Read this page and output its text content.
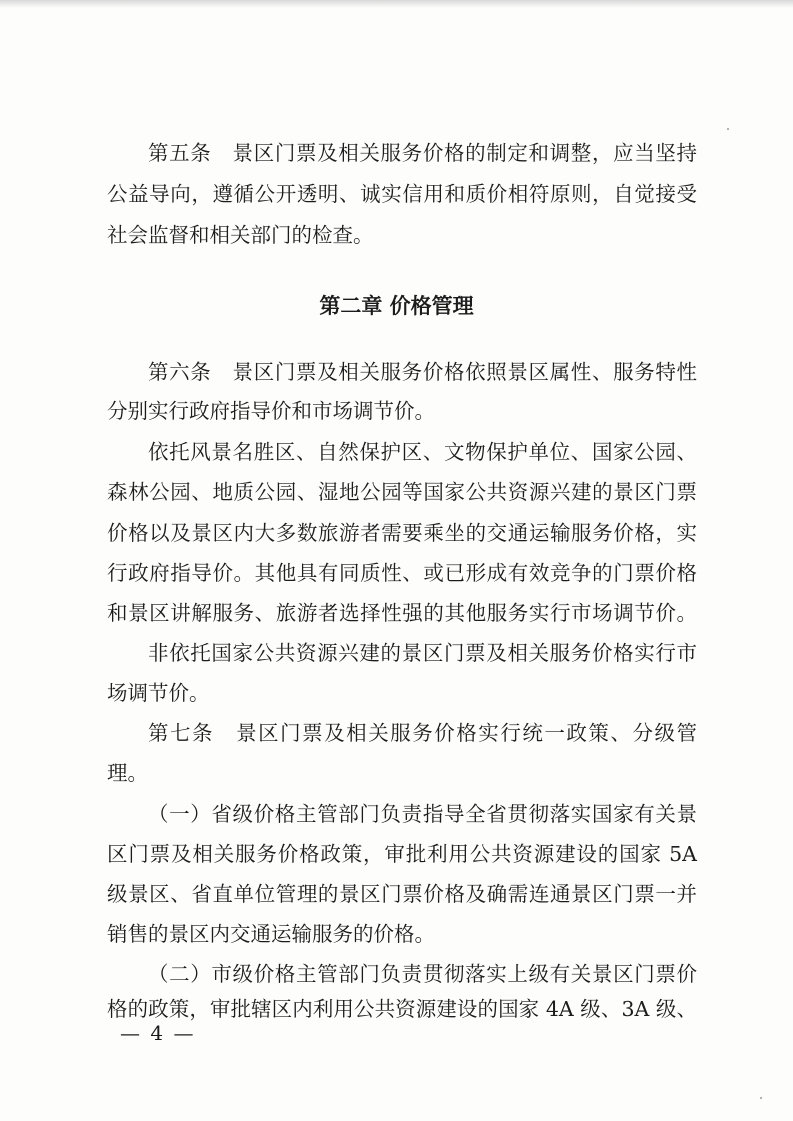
第五条　景区门票及相关服务价格的制定和调整，应当坚持

公益导向，遵循公开透明、诚实信用和质价相符原则，自觉接受

社会监督和相关部门的检查。

第二章 价格管理

第六条　景区门票及相关服务价格依照景区属性、服务特性

分别实行政府指导价和市场调节价。

依托风景名胜区、自然保护区、文物保护单位、国家公园、

森林公园、地质公园、湿地公园等国家公共资源兴建的景区门票

价格以及景区内大多数旅游者需要乘坐的交通运输服务价格，实

行政府指导价。其他具有同质性、或已形成有效竞争的门票价格

和景区讲解服务、旅游者选择性强的其他服务实行市场调节价。

非依托国家公共资源兴建的景区门票及相关服务价格实行市

场调节价。

第七条　景区门票及相关服务价格实行统一政策、分级管

理。

（一）省级价格主管部门负责指导全省贯彻落实国家有关景

区门票及相关服务价格政策，审批利用公共资源建设的国家 5A

级景区、省直单位管理的景区门票价格及确需连通景区门票一并

销售的景区内交通运输服务的价格。

（二）市级价格主管部门负责贯彻落实上级有关景区门票价

格的政策，审批辖区内利用公共资源建设的国家 4A 级、3A 级、

— 4 —
